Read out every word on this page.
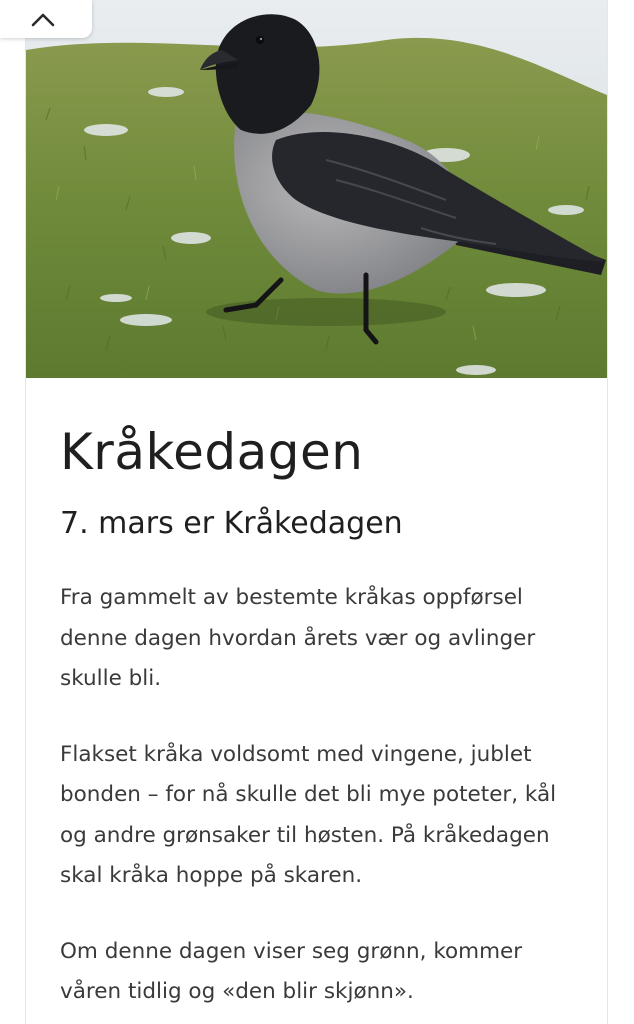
Kråkedagen
7. mars er Kråkedagen

Fra gammelt av bestemte kråkas oppførsel denne dagen hvordan årets vær og avlinger skulle bli.

Flakset kråka voldsomt med vingene, jublet bonden – for nå skulle det bli mye poteter, kål og andre grønsaker til høsten. På kråkedagen skal kråka hoppe på skaren.

Om denne dagen viser seg grønn, kommer våren tidlig og «den blir skjønn».
